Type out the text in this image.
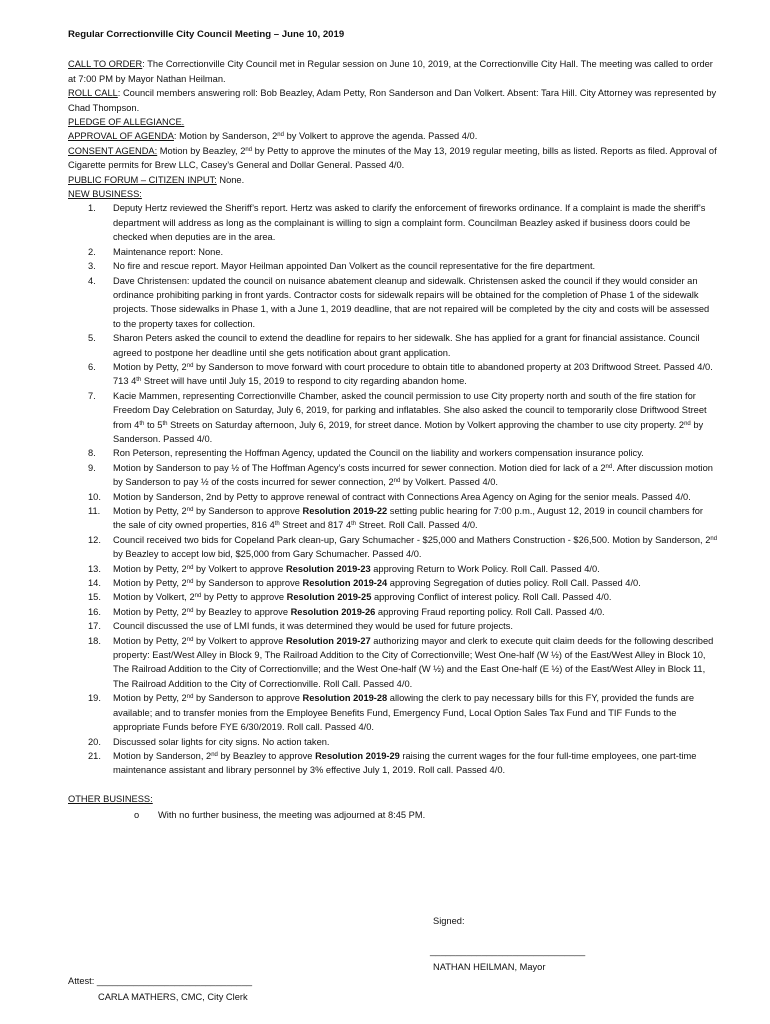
Regular Correctionville City Council Meeting – June 10, 2019

CALL TO ORDER: The Correctionville City Council met in Regular session on June 10, 2019, at the Correctionville City Hall. The meeting was called to order at 7:00 PM by Mayor Nathan Heilman.

ROLL CALL: Council members answering roll: Bob Beazley, Adam Petty, Ron Sanderson and Dan Volkert. Absent: Tara Hill. City Attorney was represented by Chad Thompson.

PLEDGE OF ALLEGIANCE.

APPROVAL OF AGENDA: Motion by Sanderson, 2nd by Volkert to approve the agenda. Passed 4/0.

CONSENT AGENDA: Motion by Beazley, 2nd by Petty to approve the minutes of the May 13, 2019 regular meeting, bills as listed. Reports as filed. Approval of Cigarette permits for Brew LLC, Casey’s General and Dollar General. Passed 4/0.

PUBLIC FORUM – CITIZEN INPUT: None.

NEW BUSINESS:

1. Deputy Hertz reviewed the Sheriff’s report. Hertz was asked to clarify the enforcement of fireworks ordinance. If a complaint is made the sheriff’s department will address as long as the complainant is willing to sign a complaint form. Councilman Beazley asked if business doors could be checked when deputies are in the area.
2. Maintenance report: None.
3. No fire and rescue report. Mayor Heilman appointed Dan Volkert as the council representative for the fire department.
4. Dave Christensen: updated the council on nuisance abatement cleanup and sidewalk. Christensen asked the council if they would consider an ordinance prohibiting parking in front yards. Contractor costs for sidewalk repairs will be obtained for the completion of Phase 1 of the sidewalk projects. Those sidewalks in Phase 1, with a June 1, 2019 deadline, that are not repaired will be completed by the city and costs will be assessed to the property taxes for collection.
5. Sharon Peters asked the council to extend the deadline for repairs to her sidewalk. She has applied for a grant for financial assistance. Council agreed to postpone her deadline until she gets notification about grant application.
6. Motion by Petty, 2nd by Sanderson to move forward with court procedure to obtain title to abandoned property at 203 Driftwood Street. Passed 4/0. 713 4th Street will have until July 15, 2019 to respond to city regarding abandon home.
7. Kacie Mammen, representing Correctionville Chamber, asked the council permission to use City property north and south of the fire station for Freedom Day Celebration on Saturday, July 6, 2019, for parking and inflatables. She also asked the council to temporarily close Driftwood Street from 4th to 5th Streets on Saturday afternoon, July 6, 2019, for street dance. Motion by Volkert approving the chamber to use city property. 2nd by Sanderson. Passed 4/0.
8. Ron Peterson, representing the Hoffman Agency, updated the Council on the liability and workers compensation insurance policy.
9. Motion by Sanderson to pay ½ of The Hoffman Agency’s costs incurred for sewer connection. Motion died for lack of a 2nd. After discussion motion by Sanderson to pay ½ of the costs incurred for sewer connection, 2nd by Volkert. Passed 4/0.
10. Motion by Sanderson, 2nd by Petty to approve renewal of contract with Connections Area Agency on Aging for the senior meals. Passed 4/0.
11. Motion by Petty, 2nd by Sanderson to approve Resolution 2019-22 setting public hearing for 7:00 p.m., August 12, 2019 in council chambers for the sale of city owned properties, 816 4th Street and 817 4th Street. Roll Call. Passed 4/0.
12. Council received two bids for Copeland Park clean-up, Gary Schumacher - $25,000 and Mathers Construction - $26,500. Motion by Sanderson, 2nd by Beazley to accept low bid, $25,000 from Gary Schumacher. Passed 4/0.
13. Motion by Petty, 2nd by Volkert to approve Resolution 2019-23 approving Return to Work Policy. Roll Call. Passed 4/0.
14. Motion by Petty, 2nd by Sanderson to approve Resolution 2019-24 approving Segregation of duties policy. Roll Call. Passed 4/0.
15. Motion by Volkert, 2nd by Petty to approve Resolution 2019-25 approving Conflict of interest policy. Roll Call. Passed 4/0.
16. Motion by Petty, 2nd by Beazley to approve Resolution 2019-26 approving Fraud reporting policy. Roll Call. Passed 4/0.
17. Council discussed the use of LMI funds, it was determined they would be used for future projects.
18. Motion by Petty, 2nd by Volkert to approve Resolution 2019-27 authorizing mayor and clerk to execute quit claim deeds for the following described property: East/West Alley in Block 9, The Railroad Addition to the City of Correctionville; West One-half (W ½) of the East/West Alley in Block 10, The Railroad Addition to the City of Correctionville; and the West One-half (W ½) and the East One-half (E ½) of the East/West Alley in Block 11, The Railroad Addition to the City of Correctionville. Roll Call. Passed 4/0.
19. Motion by Petty, 2nd by Sanderson to approve Resolution 2019-28 allowing the clerk to pay necessary bills for this FY, provided the funds are available; and to transfer monies from the Employee Benefits Fund, Emergency Fund, Local Option Sales Tax Fund and TIF Funds to the appropriate Funds before FYE 6/30/2019. Roll call. Passed 4/0.
20. Discussed solar lights for city signs. No action taken.
21. Motion by Sanderson, 2nd by Beazley to approve Resolution 2019-29 raising the current wages for the four full-time employees, one part-time maintenance assistant and library personnel by 3% effective July 1, 2019. Roll call. Passed 4/0.

OTHER BUSINESS:

o With no further business, the meeting was adjourned at 8:45 PM.
Signed:
______________________________
NATHAN HEILMAN, Mayor
Attest: ______________________________
CARLA MATHERS, CMC, City Clerk
